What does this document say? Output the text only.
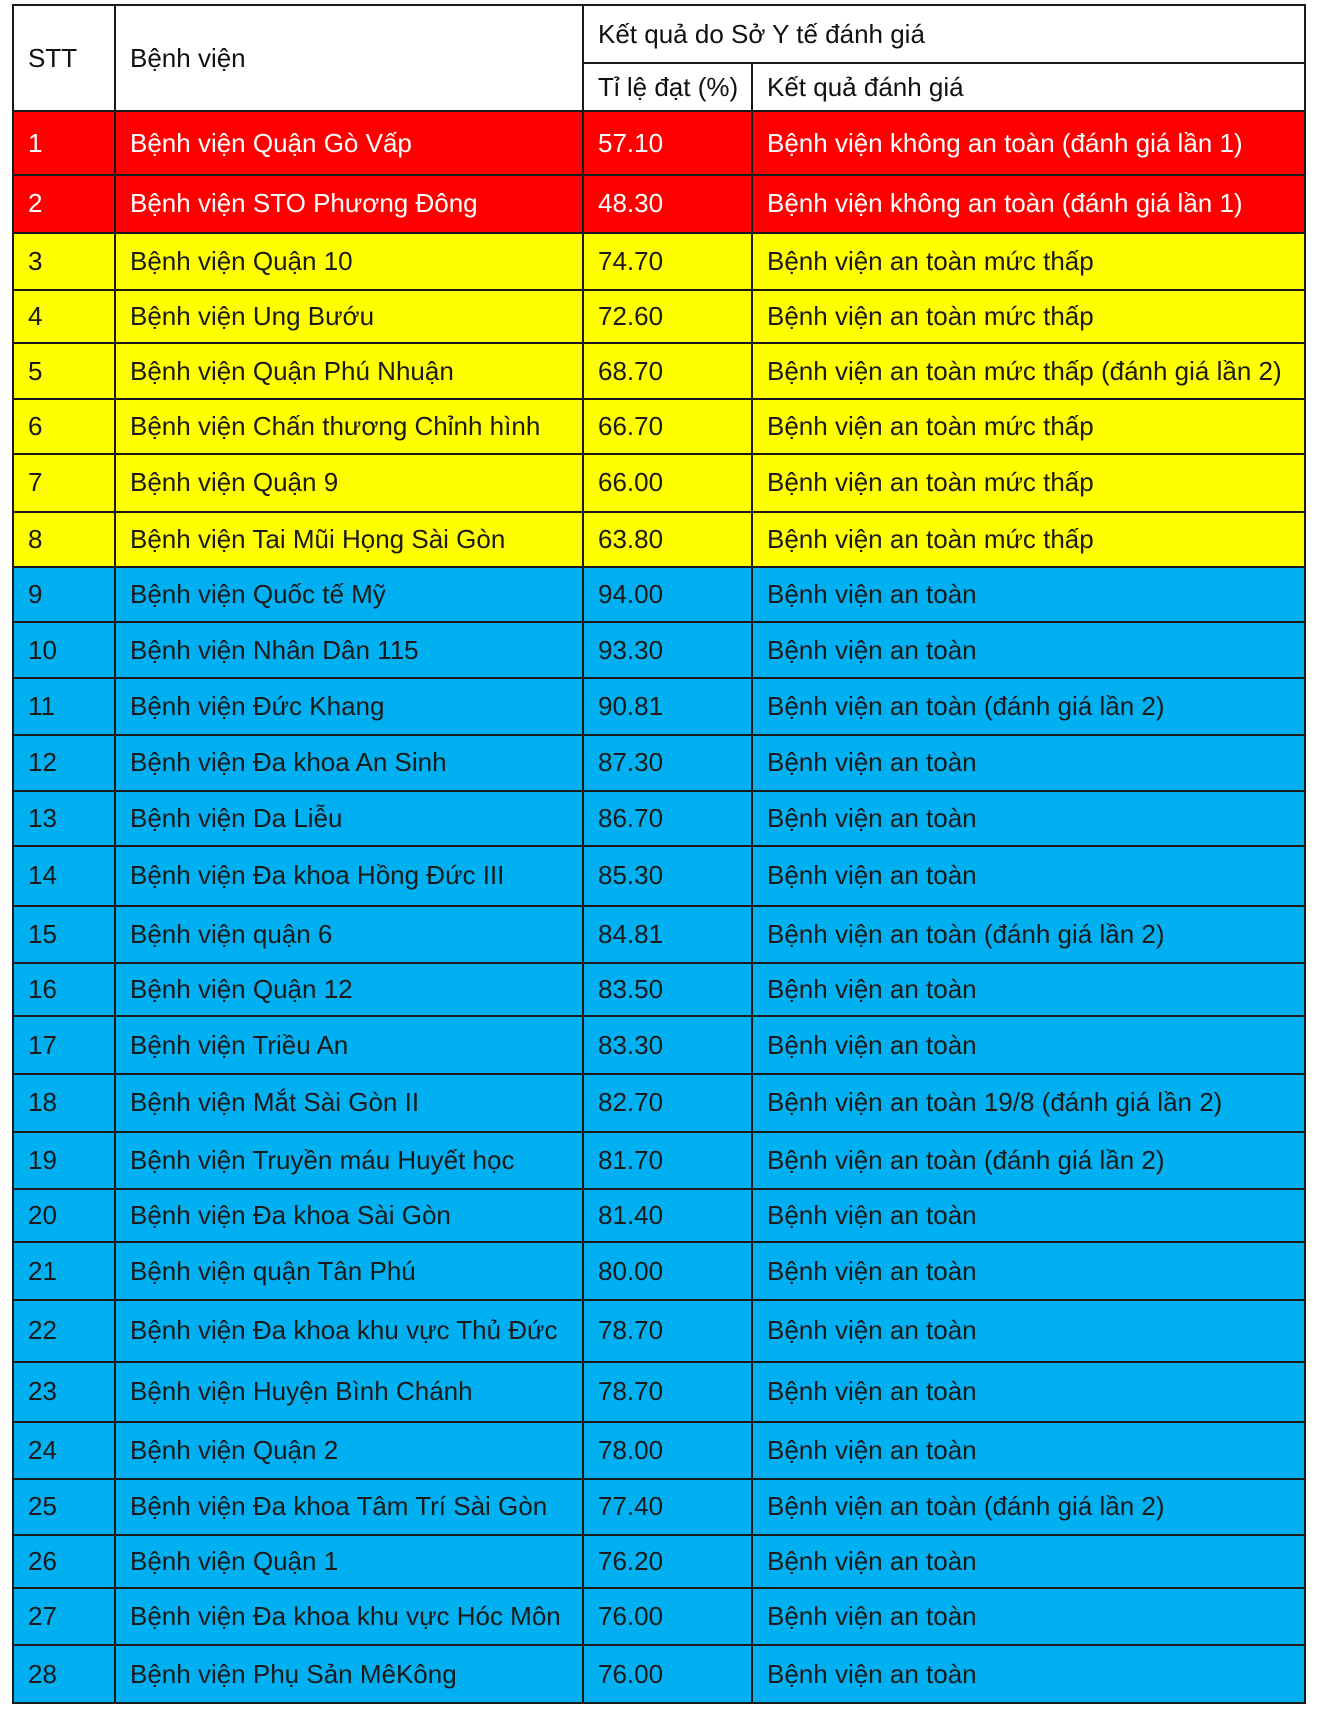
STT	Bệnh viện	Kết quả do Sở Y tế đánh giá	
		Tỉ lệ đạt (%)	Kết quả đánh giá
1	Bệnh viện Quận Gò Vấp	57.10	Bệnh viện không an toàn (đánh giá lần 1)
2	Bệnh viện STO Phương Đông	48.30	Bệnh viện không an toàn (đánh giá lần 1)
3	Bệnh viện Quận 10	74.70	Bệnh viện an toàn mức thấp
4	Bệnh viện Ung Bướu	72.60	Bệnh viện an toàn mức thấp
5	Bệnh viện Quận Phú Nhuận	68.70	Bệnh viện an toàn mức thấp (đánh giá lần 2)
6	Bệnh viện Chấn thương Chỉnh hình	66.70	Bệnh viện an toàn mức thấp
7	Bệnh viện Quận 9	66.00	Bệnh viện an toàn mức thấp
8	Bệnh viện Tai Mũi Họng Sài Gòn	63.80	Bệnh viện an toàn mức thấp
9	Bệnh viện Quốc tế Mỹ	94.00	Bệnh viện an toàn
10	Bệnh viện Nhân Dân 115	93.30	Bệnh viện an toàn
11	Bệnh viện Đức Khang	90.81	Bệnh viện an toàn (đánh giá lần 2)
12	Bệnh viện Đa khoa An Sinh	87.30	Bệnh viện an toàn
13	Bệnh viện Da Liễu	86.70	Bệnh viện an toàn
14	Bệnh viện Đa khoa Hồng Đức III	85.30	Bệnh viện an toàn
15	Bệnh viện quận 6	84.81	Bệnh viện an toàn (đánh giá lần 2)
16	Bệnh viện Quận 12	83.50	Bệnh viện an toàn
17	Bệnh viện Triều An	83.30	Bệnh viện an toàn
18	Bệnh viện Mắt Sài Gòn II	82.70	Bệnh viện an toàn 19/8 (đánh giá lần 2)
19	Bệnh viện Truyền máu Huyết học	81.70	Bệnh viện an toàn (đánh giá lần 2)
20	Bệnh viện Đa khoa Sài Gòn	81.40	Bệnh viện an toàn
21	Bệnh viện quận Tân Phú	80.00	Bệnh viện an toàn
22	Bệnh viện Đa khoa khu vực Thủ Đức	78.70	Bệnh viện an toàn
23	Bệnh viện Huyện Bình Chánh	78.70	Bệnh viện an toàn
24	Bệnh viện Quận 2	78.00	Bệnh viện an toàn
25	Bệnh viện Đa khoa Tâm Trí Sài Gòn	77.40	Bệnh viện an toàn (đánh giá lần 2)
26	Bệnh viện Quận 1	76.20	Bệnh viện an toàn
27	Bệnh viện Đa khoa khu vực Hóc Môn	76.00	Bệnh viện an toàn
28	Bệnh viện Phụ Sản MêKông	76.00	Bệnh viện an toàn
